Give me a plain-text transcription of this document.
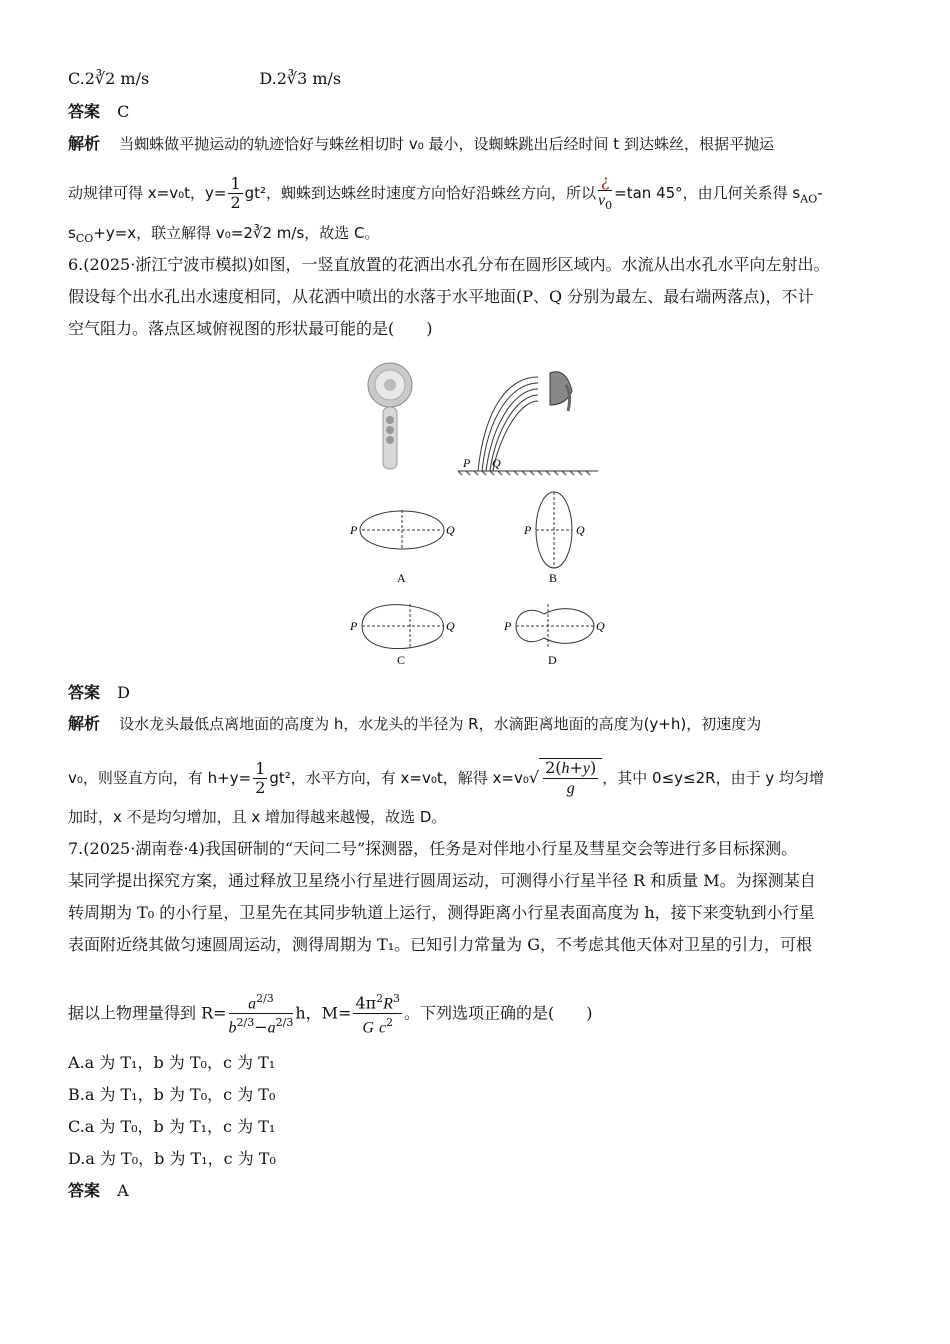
C.2∛2 m/s	D.2∛3 m/s
答案 C
解析 当蜘蛛做平抛运动的轨迹恰好与蛛丝相切时 v₀ 最小，设蜘蛛跳出后经时间 t 到达蛛丝，根据平抛运
动规律可得 x=v₀t，$y= \frac{1}{2} gt^2$，蜘蛛到达蛛丝时速度方向恰好沿蛛丝方向，所以 $\frac{¿}{v_0} =\tan$ 45°，由几何关系得 $s_{AO}-$
$s_{CO}+y=x$，联立解得 v₀=2∛2 m/s，故选 C。
6.(2025·浙江宁波市模拟)如图，一竖直放置的花洒出水孔分布在圆形区域内。水流从出水孔水平向左射出。
假设每个出水孔出水速度相同，从花洒中喷出的水落于水平地面(P、Q 分别为最左、最右端两落点)，不计
空气阻力。落点区域俯视图的形状最可能的是(　　)
P Q
P	Q
A
P	Q
B
P	Q
C
P	Q
D
答案 D
解析 设水龙头最低点离地面的高度为 h，水龙头的半径为 R，水滴距离地面的高度为(y+h)，初速度为
v₀，则竖直方向，有 $h+y= \frac{1}{2} gt^2$，水平方向，有 x=v₀t，解得 $x=v_0√ \frac{2(h+y)}{g}$ ，其中 0≤y≤2R，由于 y 均匀增
加时，x 不是均匀增加，且 x 增加得越来越慢，故选 D。
7.(2025·湖南卷·4)我国研制的“天问二号”探测器，任务是对伴地小行星及彗星交会等进行多目标探测。
某同学提出探究方案，通过释放卫星绕小行星进行圆周运动，可测得小行星半径 R 和质量 M。为探测某自
转周期为 T₀ 的小行星，卫星先在其同步轨道上运行，测得距离小行星表面高度为 h，接下来变轨到小行星
表面附近绕其做匀速圆周运动，测得周期为 T₁。已知引力常量为 G，不考虑其他天体对卫星的引力，可根
据以上物理量得到 $R= \frac{a^{2/3}}{b^{2/3}-a^{2/3}}$ h，$M= \frac{4\pi^2R^3}{G c^2}$ 。下列选项正确的是(　　)
A.a 为 T₁，b 为 T₀，c 为 T₁
B.a 为 T₁，b 为 T₀，c 为 T₀
C.a 为 T₀，b 为 T₁，c 为 T₁
D.a 为 T₀，b 为 T₁，c 为 T₀
答案 A
